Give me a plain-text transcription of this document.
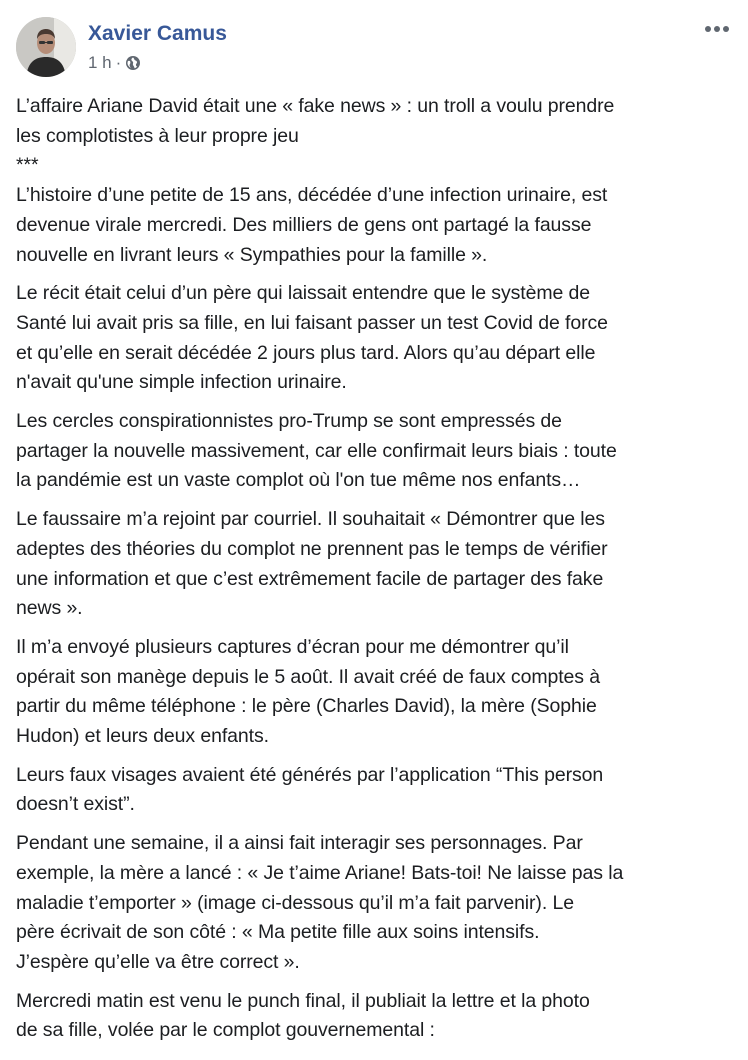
Xavier Camus
1 h ·

L’affaire Ariane David était une « fake news » : un troll a voulu prendre
les complotistes à leur propre jeu
***
L’histoire d’une petite de 15 ans, décédée d’une infection urinaire, est
devenue virale mercredi. Des milliers de gens ont partagé la fausse
nouvelle en livrant leurs « Sympathies pour la famille ».

Le récit était celui d’un père qui laissait entendre que le système de
Santé lui avait pris sa fille, en lui faisant passer un test Covid de force
et qu’elle en serait décédée 2 jours plus tard. Alors qu’au départ elle
n'avait qu'une simple infection urinaire.

Les cercles conspirationnistes pro-Trump se sont empressés de
partager la nouvelle massivement, car elle confirmait leurs biais : toute
la pandémie est un vaste complot où l'on tue même nos enfants…

Le faussaire m’a rejoint par courriel. Il souhaitait « Démontrer que les
adeptes des théories du complot ne prennent pas le temps de vérifier
une information et que c’est extrêmement facile de partager des fake
news ».

Il m’a envoyé plusieurs captures d’écran pour me démontrer qu’il
opérait son manège depuis le 5 août. Il avait créé de faux comptes à
partir du même téléphone : le père (Charles David), la mère (Sophie
Hudon) et leurs deux enfants.

Leurs faux visages avaient été générés par l’application “This person
doesn’t exist”.

Pendant une semaine, il a ainsi fait interagir ses personnages. Par
exemple, la mère a lancé : « Je t’aime Ariane! Bats-toi! Ne laisse pas la
maladie t’emporter » (image ci-dessous qu’il m’a fait parvenir). Le
père écrivait de son côté : « Ma petite fille aux soins intensifs.
J’espère qu’elle va être correct ».

Mercredi matin est venu le punch final, il publiait la lettre et la photo
de sa fille, volée par le complot gouvernemental :
